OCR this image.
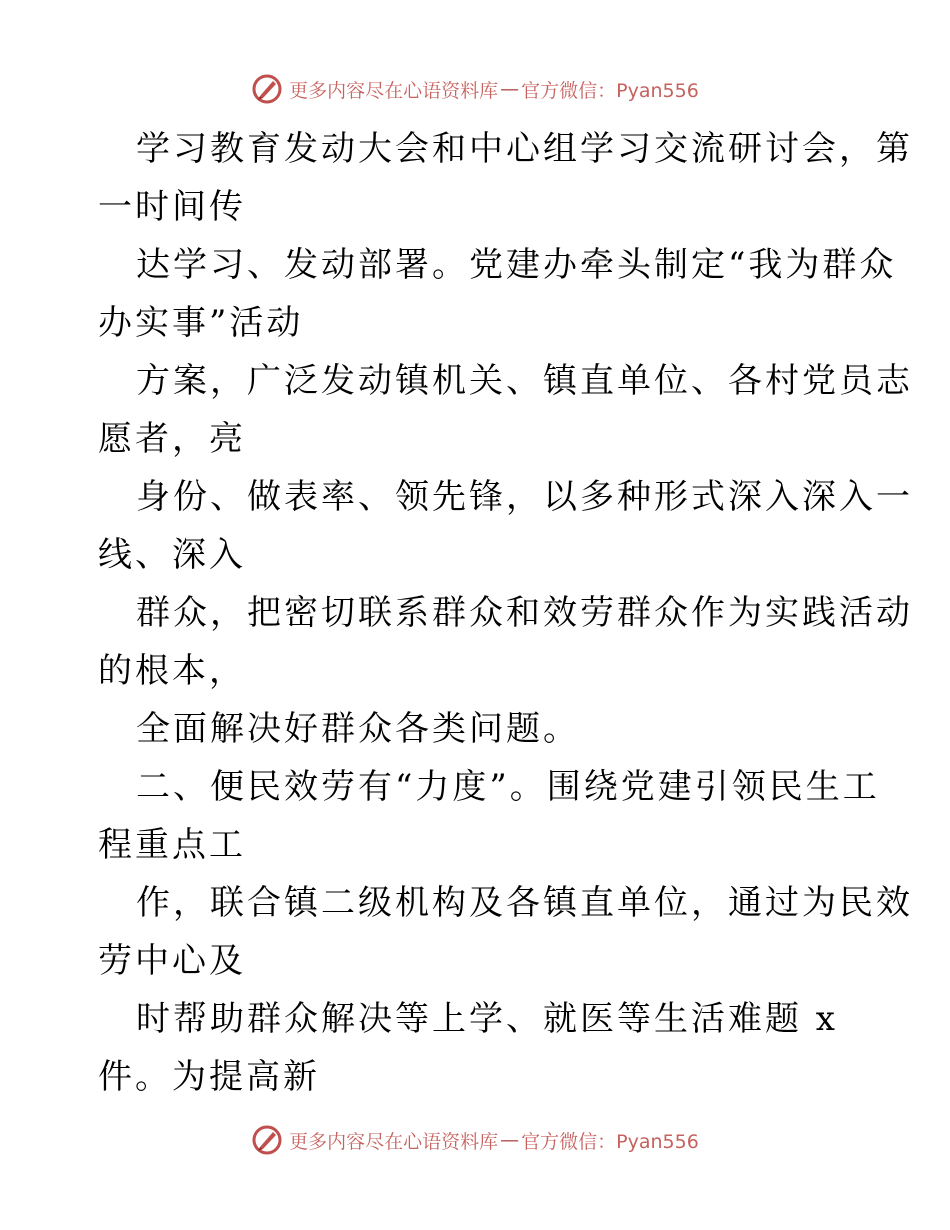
更多内容尽在心语资料库 — 官方微信：Pyan556
学习教育发动大会和中心组学习交流研讨会，第
一时间传
达学习、发动部署。党建办牵头制定“我为群众
办实事”活动
方案，广泛发动镇机关、镇直单位、各村党员志
愿者，亮
身份、做表率、领先锋，以多种形式深入深入一
线、深入
群众，把密切联系群众和效劳群众作为实践活动
的根本，
全面解决好群众各类问题。
二、便民效劳有“力度”。围绕党建引领民生工
程重点工
作，联合镇二级机构及各镇直单位，通过为民效
劳中心及
时帮助群众解决等上学、就医等生活难题 x
件。为提高新
更多内容尽在心语资料库 — 官方微信：Pyan556
